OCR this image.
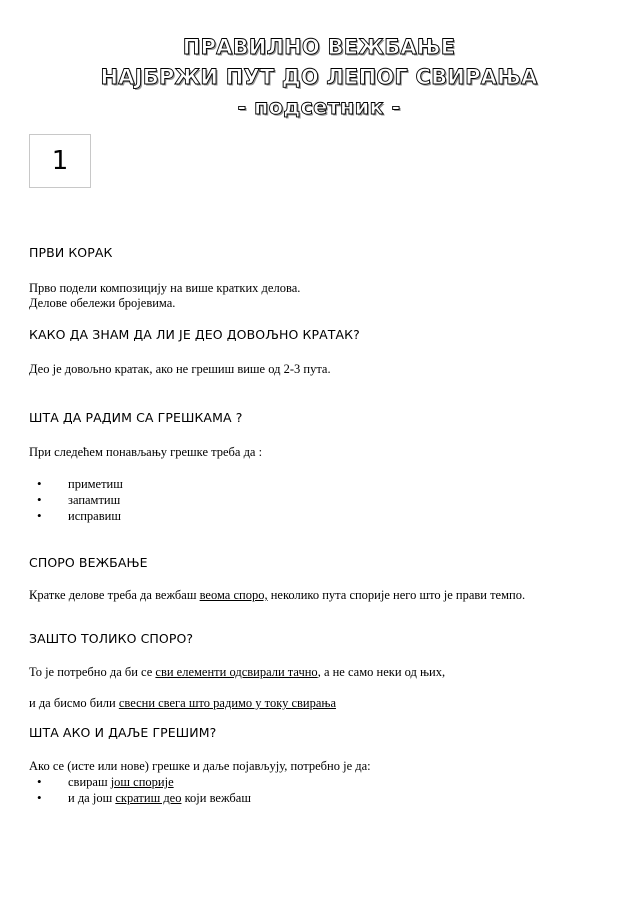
ПРАВИЛНО ВЕЖБАЊЕ
НАЈБРЖИ ПУТ ДО ЛЕПОГ СВИРАЊА
- подсетник -
1
ПРВИ КОРАК
Прво подели композицију на више кратких делова.
Делове обележи бројевима.
КАКО ДА ЗНАМ ДА ЛИ ЈЕ ДЕО ДОВОЉНО КРАТАК?
Део је довољно кратак, ако не грешиш више од 2-3 пута.
ШТА ДА РАДИМ СА ГРЕШКАМА ?
При следећем понављању грешке треба да :
• приметиш
• запамтиш
• исправиш
СПОРО ВЕЖБАЊЕ
Кратке делове треба да вежбаш веома споро, неколико пута спорије него што је прави темпо.
ЗАШТО ТОЛИКО СПОРО?
То је потребно да би се сви елементи одсвирали тачно, а не само неки од њих,
и да бисмо били свесни свега што радимо у току свирања
ШТА АКО И ДАЉЕ ГРЕШИМ?
Ако се (исте или нове) грешке и даље појављују, потребно је да:
• свираш још спорије
• и да још скратиш део који вежбаш
